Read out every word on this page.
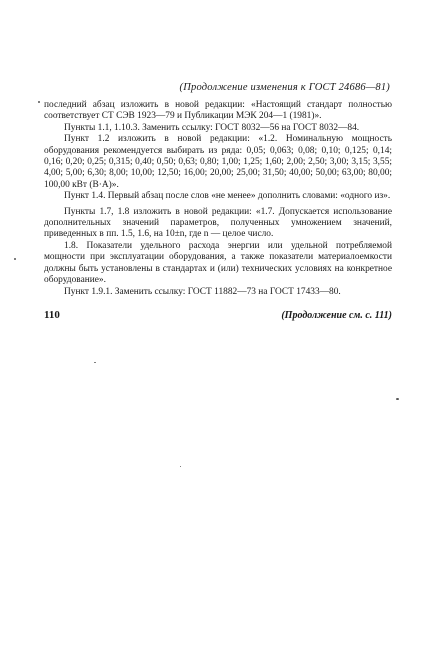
(Продолжение изменения к ГОСТ 24686—81)

последний абзац изложить в новой редакции: «Настоящий стандарт полностью соответствует СТ СЭВ 1923—79 и Публикации МЭК 204—1 (1981)».

Пункты 1.1, 1.10.3. Заменить ссылку: ГОСТ 8032—56 на ГОСТ 8032—84.

Пункт 1.2 изложить в новой редакции: «1.2. Номинальную мощность оборудования рекомендуется выбирать из ряда: 0,05; 0,063; 0,08; 0,10; 0,125; 0,14; 0,16; 0,20; 0,25; 0,315; 0,40; 0,50; 0,63; 0,80; 1,00; 1,25; 1,60; 2,00; 2,50; 3,00; 3,15; 3,55; 4,00; 5,00; 6,30; 8,00; 10,00; 12,50; 16,00; 20,00; 25,00; 31,50; 40,00; 50,00; 63,00; 80,00; 100,00 кВт (В·А)».

Пункт 1.4. Первый абзац после слов «не менее» дополнить словами: «одного из».

Пункты 1.7, 1.8 изложить в новой редакции: «1.7. Допускается использование дополнительных значений параметров, полученных умножением значений, приведенных в пп. 1.5, 1.6, на 10±n, где n — целое число.

1.8. Показатели удельного расхода энергии или удельной потребляемой мощности при эксплуатации оборудования, а также показатели материалоемкости должны быть установлены в стандартах и (или) технических условиях на конкретное оборудование».

Пункт 1.9.1. Заменить ссылку: ГОСТ 11882—73 на ГОСТ 17433—80.

(Продолжение см. с. 111)
110
